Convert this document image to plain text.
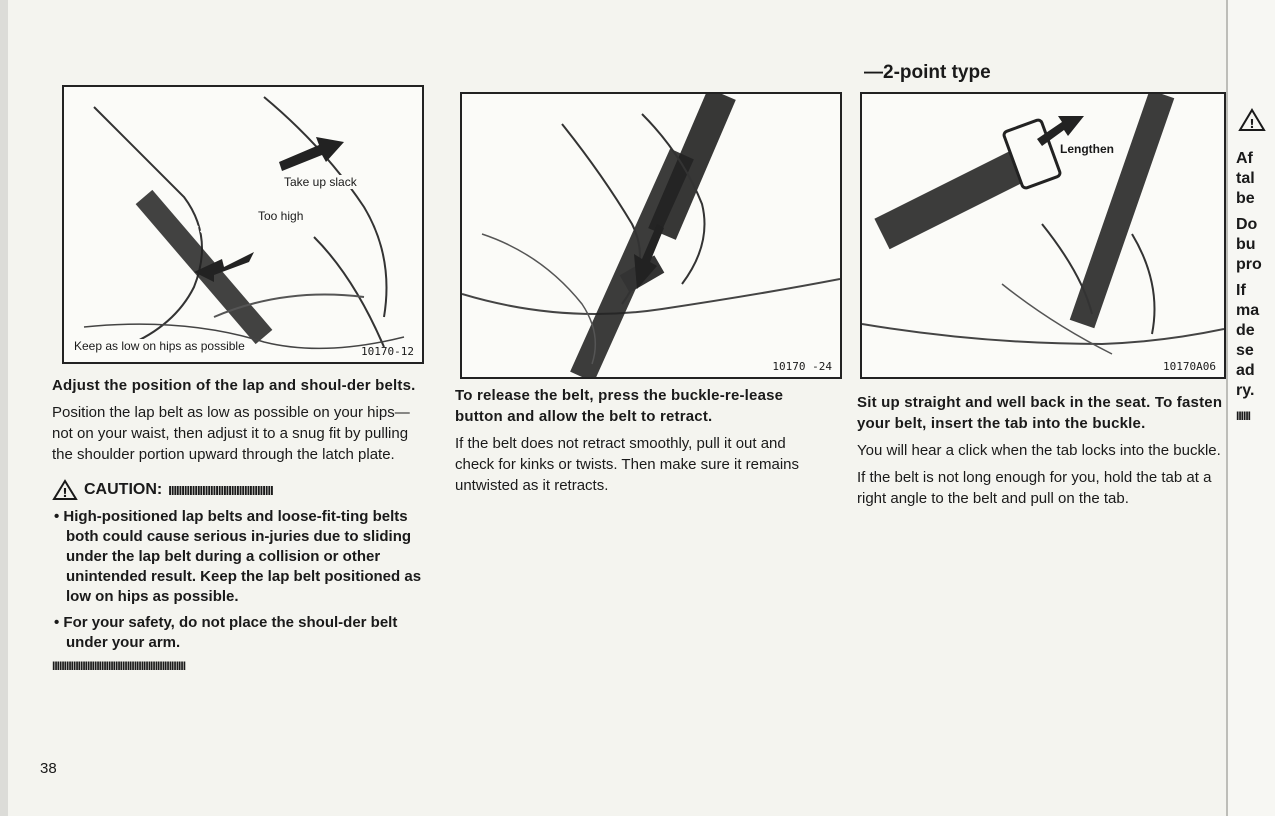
Take up slack
Too high
Keep as low on hips as possible	10170-12
10170 -24
Lengthen
10170A06
—2-point type

Adjust the position of the lap and shoul-der belts.

Position the lap belt as low as possible on your hips—not on your waist, then adjust it to a snug fit by pulling the shoulder portion upward through the latch plate.

! CAUTION: IIIIIIIIIIIIIIIIIIIIIIIIIIIIIIIIIIIIIIII
• High-positioned lap belts and loose-fit-ting belts both could cause serious in-juries due to sliding under the lap belt during a collision or other unintended result. Keep the lap belt positioned as low on hips as possible.
• For your safety, do not place the shoul-der belt under your arm.
IIIIIIIIIIIIIIIIIIIIIIIIIIIIIIIIIIIIIIIIIIIIIIIIIIIIIIIII

To release the belt, press the buckle-re-lease button and allow the belt to retract.

If the belt does not retract smoothly, pull it out and check for kinks or twists. Then make sure it remains untwisted as it retracts.

Sit up straight and well back in the seat. To fasten your belt, insert the tab into the buckle.

You will hear a click when the tab locks into the buckle.

If the belt is not long enough for you, hold the tab at a right angle to the belt and pull on the tab.

!
Af
tal
be
Do
bu
pro
If
ma
de
se
ad
ry.
IIIIII
38
